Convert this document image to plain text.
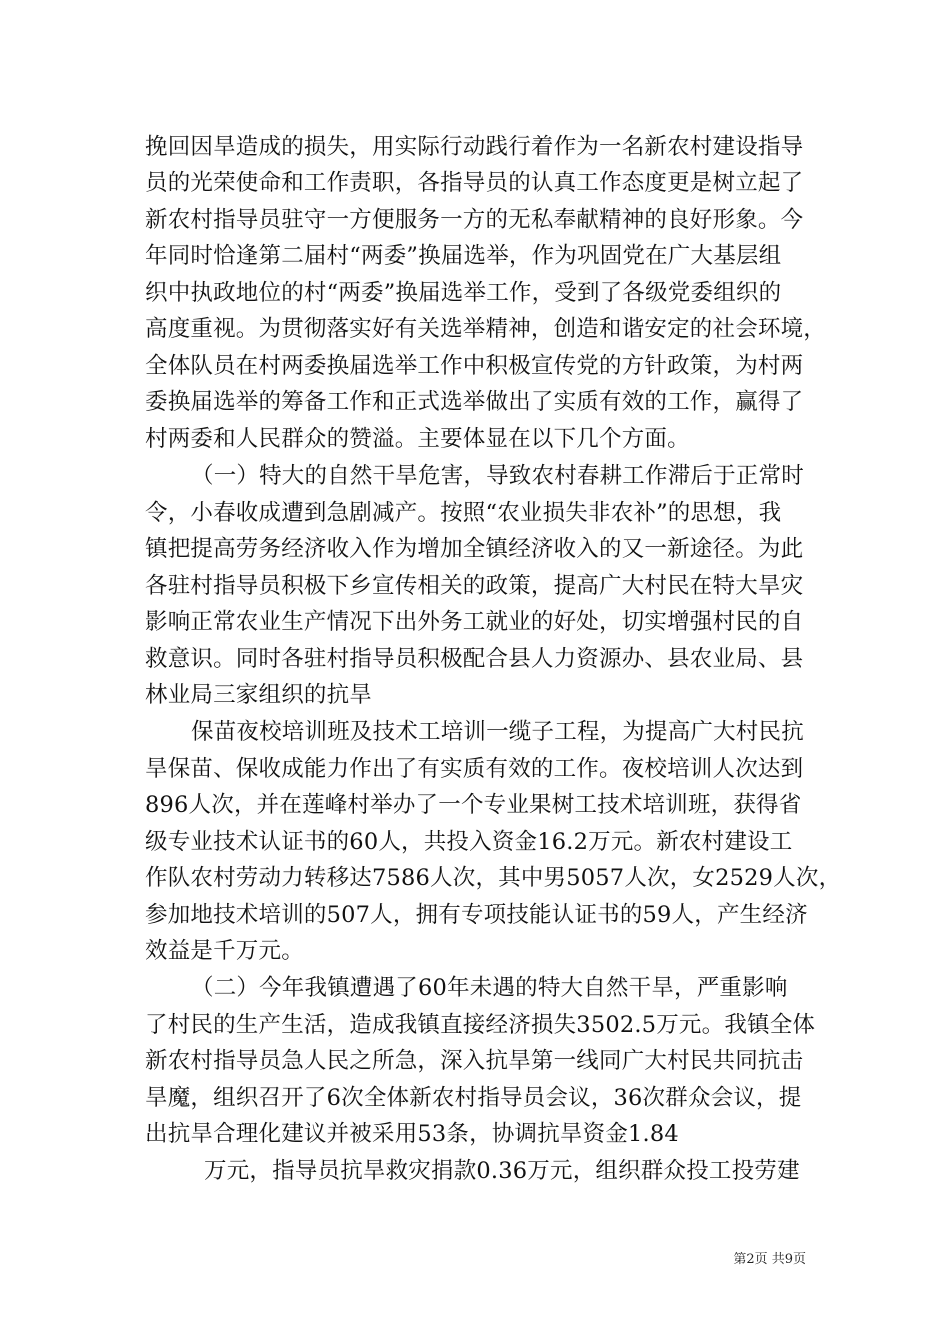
挽回因旱造成的损失，用实际行动践行着作为一名新农村建设指导
员的光荣使命和工作责职，各指导员的认真工作态度更是树立起了
新农村指导员驻守一方便服务一方的无私奉献精神的良好形象。今
年同时恰逢第二届村“两委”换届选举，作为巩固党在广大基层组
织中执政地位的村“两委”换届选举工作，受到了各级党委组织的
高度重视。为贯彻落实好有关选举精神，创造和谐安定的社会环境，
全体队员在村两委换届选举工作中积极宣传党的方针政策，为村两
委换届选举的筹备工作和正式选举做出了实质有效的工作，赢得了
村两委和人民群众的赞溢。主要体显在以下几个方面。
（一）特大的自然干旱危害，导致农村春耕工作滞后于正常时
令，小春收成遭到急剧减产。按照“农业损失非农补”的思想，我
镇把提高劳务经济收入作为增加全镇经济收入的又一新途径。为此
各驻村指导员积极下乡宣传相关的政策，提高广大村民在特大旱灾
影响正常农业生产情况下出外务工就业的好处，切实增强村民的自
救意识。同时各驻村指导员积极配合县人力资源办、县农业局、县
林业局三家组织的抗旱
保苗夜校培训班及技术工培训一缆子工程，为提高广大村民抗
旱保苗、保收成能力作出了有实质有效的工作。夜校培训人次达到
896人次，并在莲峰村举办了一个专业果树工技术培训班，获得省
级专业技术认证书的60人，共投入资金16.2万元。新农村建设工
作队农村劳动力转移达7586人次，其中男5057人次，女2529人次，
参加地技术培训的507人，拥有专项技能认证书的59人，产生经济
效益是千万元。
（二）今年我镇遭遇了60年未遇的特大自然干旱，严重影响
了村民的生产生活，造成我镇直接经济损失3502.5万元。我镇全体
新农村指导员急人民之所急，深入抗旱第一线同广大村民共同抗击
旱魔，组织召开了6次全体新农村指导员会议，36次群众会议，提
出抗旱合理化建议并被采用53条，协调抗旱资金1.84
万元，指导员抗旱救灾捐款0.36万元，组织群众投工投劳建
第2页 共9页
